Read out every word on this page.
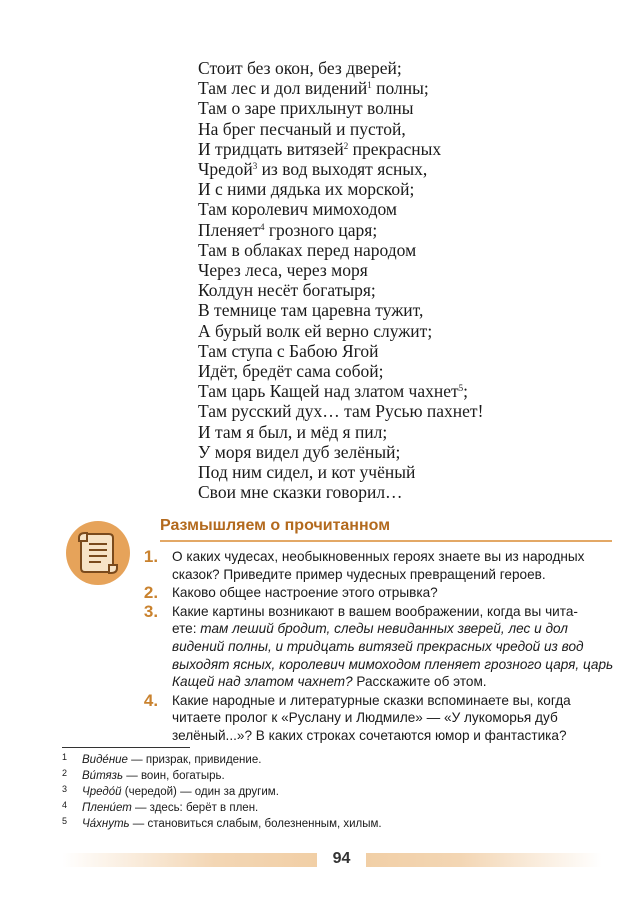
Стоит без окон, без дверей;
Там лес и дол видений$^1$ полны;
Там о заре прихлынут волны
На брег песчаный и пустой,
И тридцать витязей$^2$ прекрасных
Чредой$^3$ из вод выходят ясных,
И с ними дядька их морской;
Там королевич мимоходом
Пленяет$^4$ грозного царя;
Там в облаках перед народом
Через леса, через моря
Колдун несёт богатыря;
В темнице там царевна тужит,
А бурый волк ей верно служит;
Там ступа с Бабою Ягой
Идёт, бредёт сама собой;
Там царь Кащей над златом чахнет$^5$;
Там русский дух… там Русью пахнет!
И там я был, и мёд я пил;
У моря видел дуб зелёный;
Под ним сидел, и кот учёный
Свои мне сказки говорил…
Размышляем о прочитанном
1. О каких чудесах, необыкновенных героях знаете вы из народных сказок? Приведите пример чудесных превращений героев.
2. Каково общее настроение этого отрывка?
3. Какие картины возникают в вашем воображении, когда вы чита-
ете: там леший бродит, следы невиданных зверей, лес и дол видений полны, и тридцать витязей прекрасных чредой из вод выходят ясных, королевич мимоходом пленяет грозного царя, царь Кащей над златом чахнет? Расскажите об этом.
4. Какие народные и литературные сказки вспоминаете вы, когда читаете пролог к «Руслану и Людмиле» — «У лукоморья дуб зелёный...»? В каких строках сочетаются юмор и фантастика?
1 Виде́ние — призрак, привидение.
2 Ви́тязь — воин, богатырь.
3 Чредо́й (чередой) — один за другим.
4 Плени́ет — здесь: берёт в плен.
5 Ча́хнуть — становиться слабым, болезненным, хилым.
94
